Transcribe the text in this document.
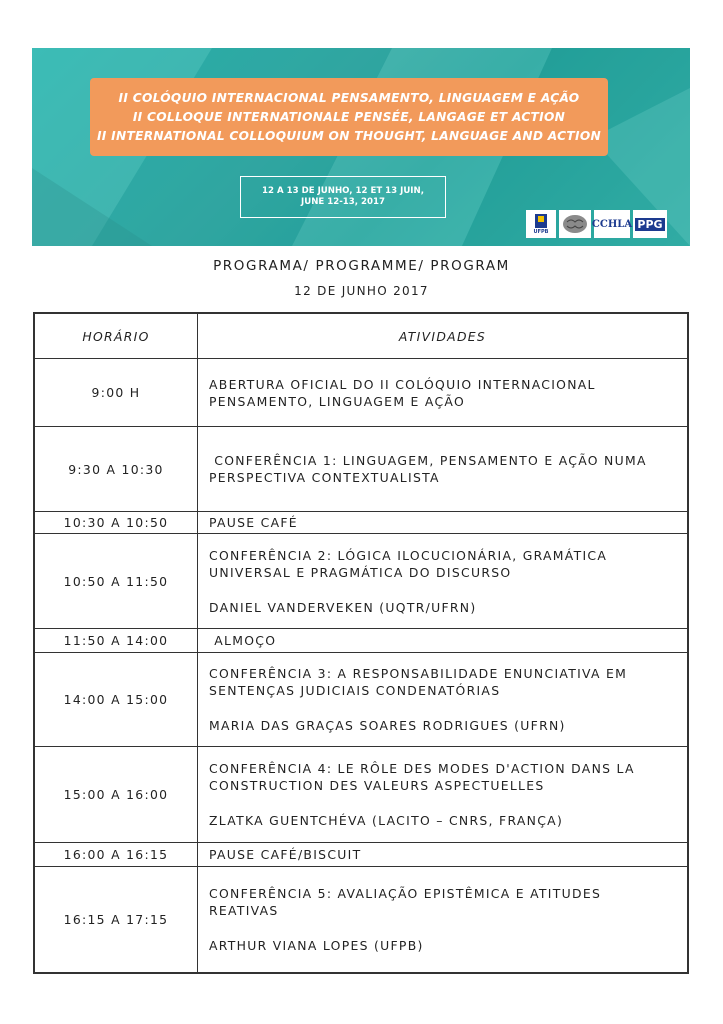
II COLÓQUIO INTERNACIONAL PENSAMENTO, LINGUAGEM E AÇÃO
II COLLOQUE INTERNATIONALE PENSÉE, LANGAGE ET ACTION
II INTERNATIONAL COLLOQUIUM ON THOUGHT, LANGUAGE AND ACTION
12 A 13 DE JUNHO, 12 ET 13 JUIN,
JUNE 12-13, 2017
UFPB
CCHLA PPG
PROGRAMA/ PROGRAMME/ PROGRAM
12 DE JUNHO 2017
HORÁRIO	ATIVIDADES
9:00 H	ABERTURA OFICIAL DO II COLÓQUIO INTERNACIONAL
PENSAMENTO, LINGUAGEM E AÇÃO

9:30 A 10:30	CONFERÊNCIA 1: LINGUAGEM, PENSAMENTO E AÇÃO NUMA
PERSPECTIVA CONTEXTUALISTA

10:30 A 10:50	PAUSE CAFÉ

10:50 A 11:50	CONFERÊNCIA 2: LÓGICA ILOCUCIONÁRIA, GRAMÁTICA
UNIVERSAL E PRAGMÁTICA DO DISCURSO
DANIEL VANDERVEKEN (UQTR/UFRN)

11:50 A 14:00	ALMOÇO

14:00 A 15:00	CONFERÊNCIA 3: A RESPONSABILIDADE ENUNCIATIVA EM
SENTENÇAS JUDICIAIS CONDENATÓRIAS
MARIA DAS GRAÇAS SOARES RODRIGUES (UFRN)

15:00 A 16:00	CONFERÊNCIA 4: LE RÔLE DES MODES D'ACTION DANS LA
CONSTRUCTION DES VALEURS ASPECTUELLES
ZLATKA GUENTCHÉVA (LACITO – CNRS, FRANÇA)

16:00 A 16:15	PAUSE CAFÉ/BISCUIT

16:15 A 17:15	CONFERÊNCIA 5: AVALIAÇÃO EPISTÊMICA E ATITUDES
REATIVAS
ARTHUR VIANA LOPES (UFPB)
